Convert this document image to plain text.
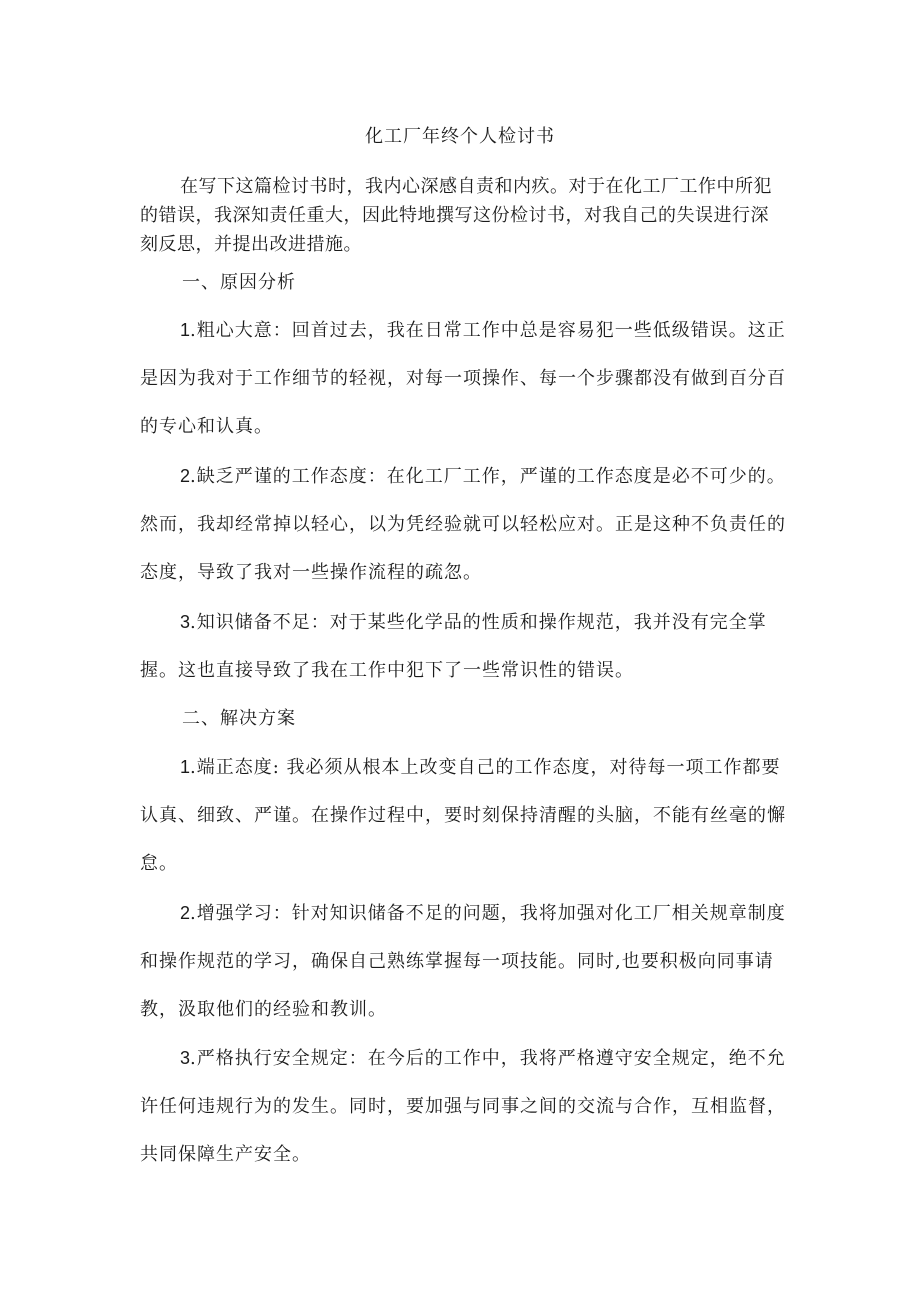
化工厂年终个人检讨书

在写下这篇检讨书时，我内心深感自责和内疚。对于在化工厂工作中所犯的错误，我深知责任重大，因此特地撰写这份检讨书，对我自己的失误进行深刻反思，并提出改进措施。

一、原因分析

1.粗心大意：回首过去，我在日常工作中总是容易犯一些低级错误。这正是因为我对于工作细节的轻视，对每一项操作、每一个步骤都没有做到百分百的专心和认真。

2.缺乏严谨的工作态度：在化工厂工作，严谨的工作态度是必不可少的。然而，我却经常掉以轻心，以为凭经验就可以轻松应对。正是这种不负责任的态度，导致了我对一些操作流程的疏忽。

3.知识储备不足：对于某些化学品的性质和操作规范，我并没有完全掌握。这也直接导致了我在工作中犯下了一些常识性的错误。

二、解决方案

1.端正态度: 我必须从根本上改变自己的工作态度，对待每一项工作都要认真、细致、严谨。在操作过程中，要时刻保持清醒的头脑，不能有丝毫的懈怠。

2.增强学习：针对知识储备不足的问题，我将加强对化工厂相关规章制度和操作规范的学习，确保自己熟练掌握每一项技能。同时,也要积极向同事请教，汲取他们的经验和教训。

3.严格执行安全规定：在今后的工作中，我将严格遵守安全规定，绝不允许任何违规行为的发生。同时，要加强与同事之间的交流与合作，互相监督，共同保障生产安全。
